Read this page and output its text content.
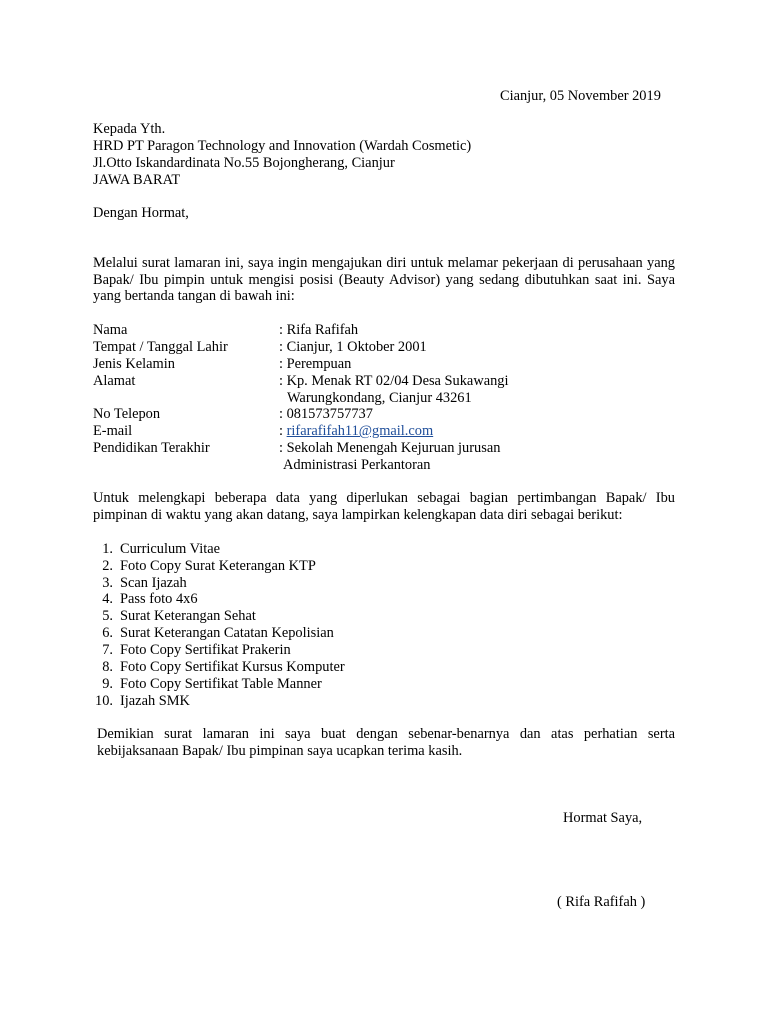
Cianjur, 05 November 2019
Kepada Yth.
HRD PT Paragon Technology and Innovation (Wardah Cosmetic)
Jl.Otto Iskandardinata No.55 Bojongherang, Cianjur
JAWA BARAT
Dengan Hormat,
Melalui surat lamaran ini, saya ingin mengajukan diri untuk melamar pekerjaan di perusahaan yang Bapak/ Ibu pimpin untuk mengisi posisi (Beauty Advisor) yang sedang dibutuhkan saat ini. Saya yang bertanda tangan di bawah ini:
Nama	: Rifa Rafifah
Tempat / Tanggal Lahir	: Cianjur, 1 Oktober 2001
Jenis Kelamin	: Perempuan
Alamat	: Kp. Menak RT 02/04 Desa Sukawangi
Warungkondang, Cianjur 43261
No Telepon	: 081573757737
E-mail	: rifarafifah11@gmail.com
Pendidikan Terakhir	: Sekolah Menengah Kejuruan jurusan
Administrasi Perkantoran
Untuk melengkapi beberapa data yang diperlukan sebagai bagian pertimbangan Bapak/ Ibu pimpinan di waktu yang akan datang, saya lampirkan kelengkapan data diri sebagai berikut:
1. Curriculum Vitae
2. Foto Copy Surat Keterangan KTP
3. Scan Ijazah
4. Pass foto 4x6
5. Surat Keterangan Sehat
6. Surat Keterangan Catatan Kepolisian
7. Foto Copy Sertifikat Prakerin
8. Foto Copy Sertifikat Kursus Komputer
9. Foto Copy Sertifikat Table Manner
10. Ijazah SMK
Demikian surat lamaran ini saya buat dengan sebenar-benarnya dan atas perhatian serta kebijaksanaan Bapak/ Ibu pimpinan saya ucapkan terima kasih.
Hormat Saya,
( Rifa Rafifah )
